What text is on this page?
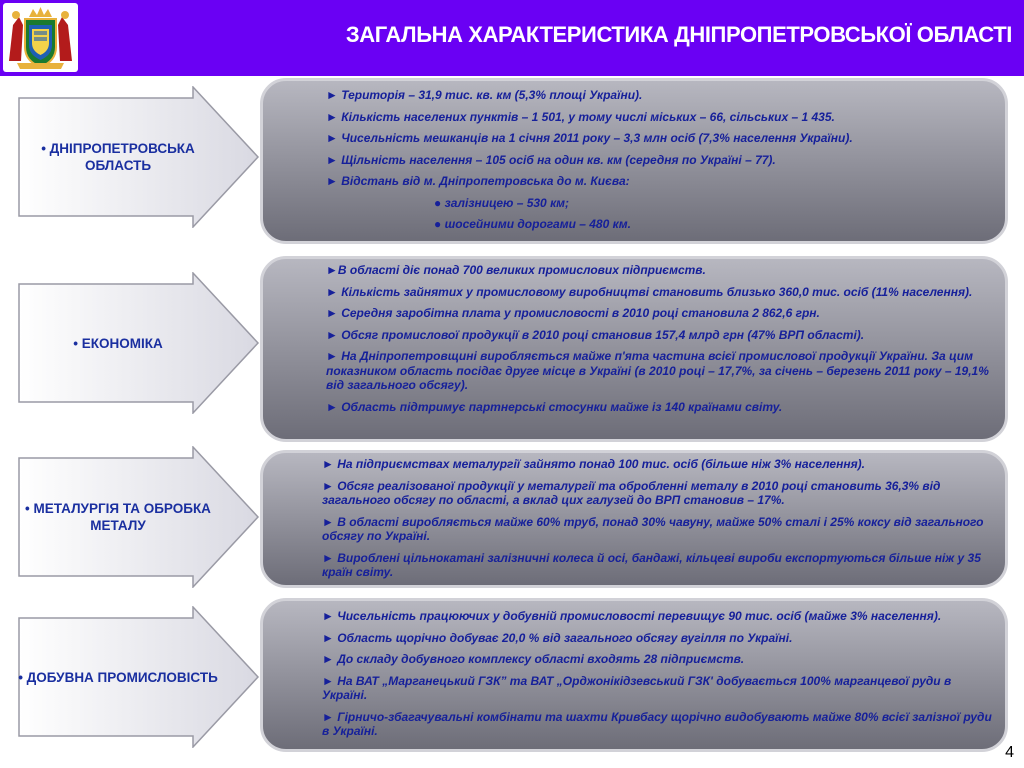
ЗАГАЛЬНА ХАРАКТЕРИСТИКА ДНІПРОПЕТРОВСЬКОЇ ОБЛАСТІ
• ДНІПРОПЕТРОВСЬКА ОБЛАСТЬ

► Територія – 31,9 тис. кв. км (5,3% площі України).

► Кількість населених пунктів – 1 501, у тому числі міських – 66, сільських – 1 435.

► Чисельність мешканців на 1 січня 2011 року – 3,3 млн осіб (7,3% населення України).

► Щільність населення – 105 осіб на один кв. км (середня по Україні – 77).

► Відстань від м. Дніпропетровська до м. Києва:

● залізницею – 530 км;

● шосейними дорогами – 480 км.

• ЕКОНОМІКА

►В області діє понад 700 великих промислових підприємств.

► Кількість зайнятих у промисловому виробництві становить близько 360,0 тис. осіб (11% населення).

► Середня заробітна плата у промисловості в 2010 році становила 2 862,6 грн.

► Обсяг промислової продукції в 2010 році становив 157,4 млрд грн (47% ВРП області).

► На Дніпропетровщині виробляється майже п'ята частина всієї промислової продукції України. За цим показником область посідає друге місце в Україні (в 2010 році – 17,7%, за січень – березень 2011 року – 19,1% від загального обсягу).

► Область підтримує партнерські стосунки майже із 140 країнами світу.

• МЕТАЛУРГІЯ ТА ОБРОБКА МЕТАЛУ

► На підприємствах металургії зайнято понад 100 тис. осіб (більше ніж 3% населення).

► Обсяг реалізованої продукції у металургії та обробленні металу в 2010 році становить 36,3% від загального обсягу по області, а вклад цих галузей до ВРП становив – 17%.

► В області виробляється майже 60% труб, понад 30% чавуну, майже 50% сталі і 25% коксу від загального обсягу по Україні.

► Вироблені цільнокатані залізничні колеса й осі, бандажі, кільцеві вироби експортуються більше ніж у 35 країн світу.

• ДОБУВНА ПРОМИСЛОВІСТЬ

► Чисельність працюючих у добувній промисловості перевищує 90 тис. осіб (майже 3% населення).

► Область щорічно добуває 20,0 % від загального обсягу вугілля по Україні.

► До складу добувного комплексу області входять 28 підприємств.

► На ВАТ „Марганецький ГЗК” та ВАТ „Орджонікідзевський ГЗК' добувається 100% марганцевої руди в Україні.

► Гірничо-збагачувальні комбінати та шахти Кривбасу щорічно видобувають майже 80% всієї залізної руди в Україні.

4
